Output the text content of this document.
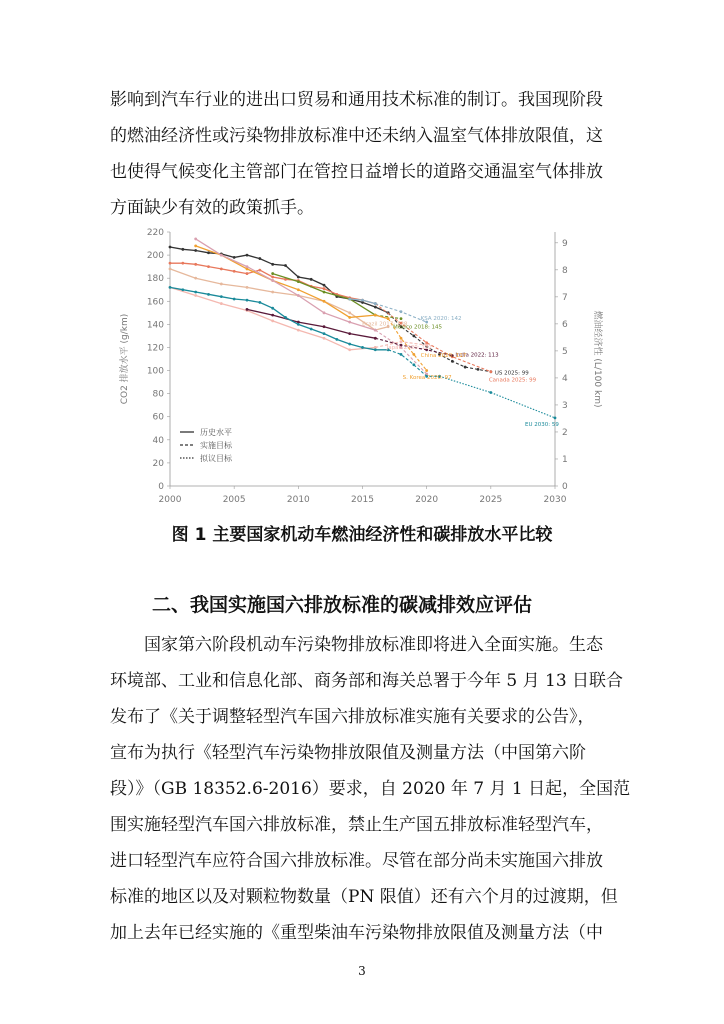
影响到汽车行业的进出口贸易和通用技术标准的制订。我国现阶段
的燃油经济性或污染物排放标准中还未纳入温室气体排放限值，这
也使得气候变化主管部门在管控日益增长的道路交通温室气体排放
方面缺少有效的政策抓手。
0
20
40
60
80
100
120
140
160
180
200
220
0
1
2
3
4
5
6
7
8
9
2000	2005	2010	2015	2020	2025	2030
CO2 排放水平 (g/km)	燃油经济性 (L/100 km)
KSA 2020: 142
Mexico 2018: 145
Brazil 2017: 138
Japan 2020: 122
India 2022: 113
China 2020: 117
US 2025: 99
Canada 2025: 99
S. Korea 2020: 97
EU 2030: 59
历史水平
实施目标
拟议目标
图 1 主要国家机动车燃油经济性和碳排放水平比较
二、我国实施国六排放标准的碳减排效应评估
　　国家第六阶段机动车污染物排放标准即将进入全面实施。生态
环境部、工业和信息化部、商务部和海关总署于今年 5 月 13 日联合
发布了《关于调整轻型汽车国六排放标准实施有关要求的公告》，
宣布为执行《轻型汽车污染物排放限值及测量方法（中国第六阶
段）》（GB 18352.6-2016）要求，自 2020 年 7 月 1 日起，全国范
围实施轻型汽车国六排放标准，禁止生产国五排放标准轻型汽车，
进口轻型汽车应符合国六排放标准。尽管在部分尚未实施国六排放
标准的地区以及对颗粒物数量（PN 限值）还有六个月的过渡期，但
加上去年已经实施的《重型柴油车污染物排放限值及测量方法（中
3
